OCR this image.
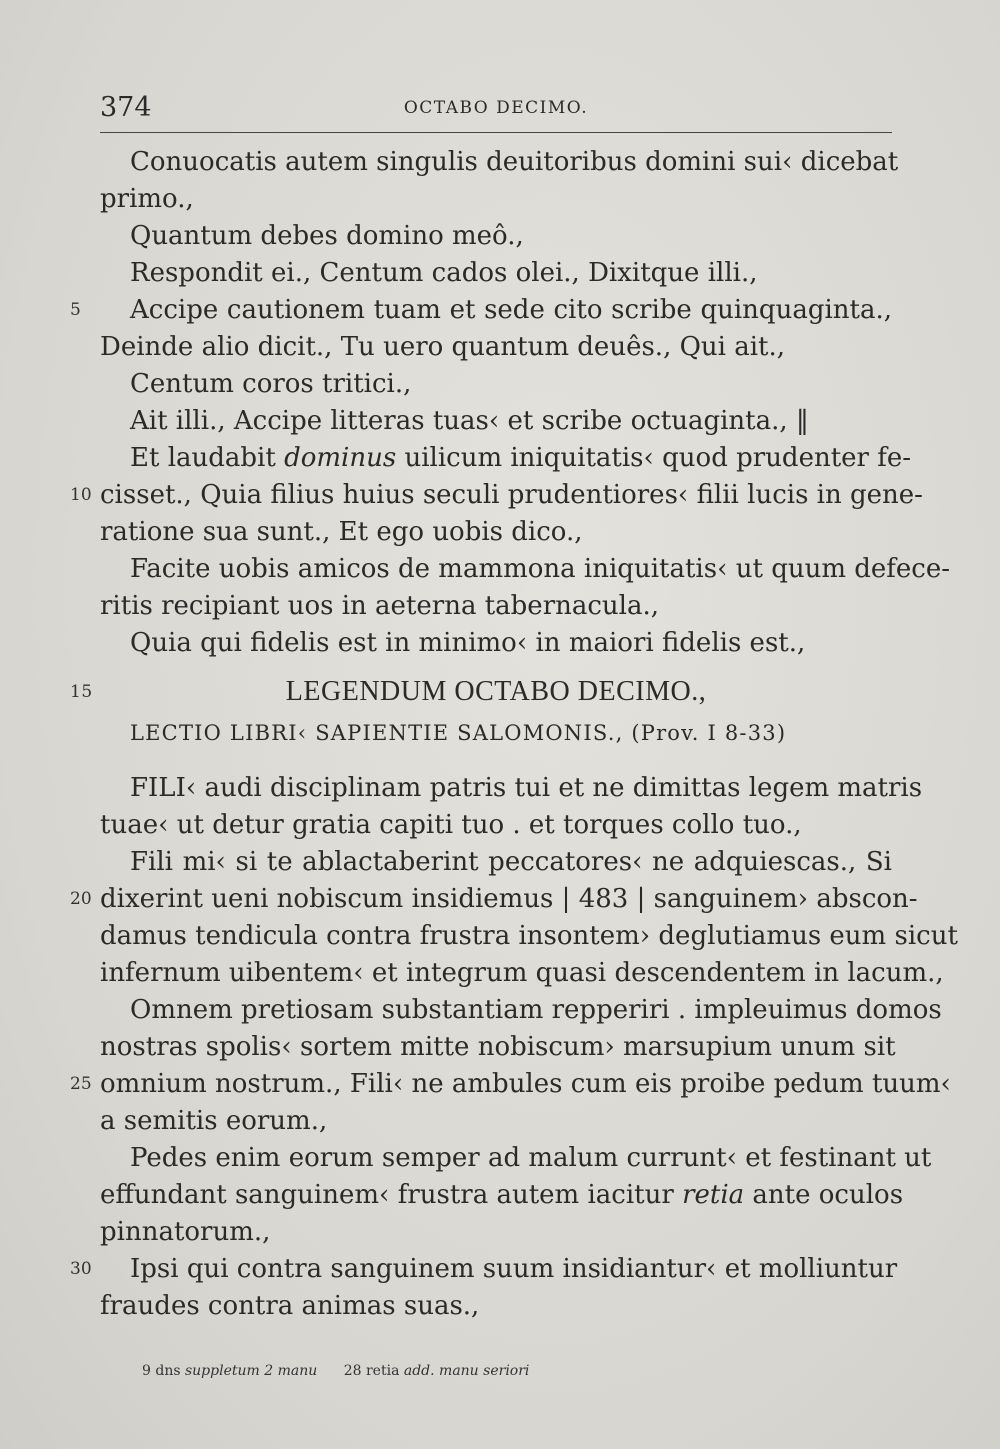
374	OCTABO DECIMO.
Conuocatis autem singulis deuitoribus domini sui‹ dicebat
primo.,
Quantum debes domino meô.,
Respondit ei., Centum cados olei., Dixitque illi.,
5	Accipe cautionem tuam et sede cito scribe quinquaginta.,
Deinde alio dicit., Tu uero quantum deuês., Qui ait.,
Centum coros tritici.,
Ait illi., Accipe litteras tuas‹ et scribe octuaginta., ‖
Et laudabit dominus uilicum iniquitatis‹ quod prudenter fe-
10 cisset., Quia filius huius seculi prudentiores‹ filii lucis in gene-
ratione sua sunt., Et ego uobis dico.,
Facite uobis amicos de mammona iniquitatis‹ ut quum defece-
ritis recipiant uos in aeterna tabernacula.,
Quia qui fidelis est in minimo‹ in maiori fidelis est.,
15	LEGENDUM OCTABO DECIMO.,
LECTIO LIBRI‹ SAPIENTIE SALOMONIS., (Prov. I 8-33)
FILI‹ audi disciplinam patris tui et ne dimittas legem matris
tuae‹ ut detur gratia capiti tuo . et torques collo tuo.,
Fili mi‹ si te ablactaberint peccatores‹ ne adquiescas., Si
20 dixerint ueni nobiscum insidiemus | 483 | sanguinem› abscon-
damus tendicula contra frustra insontem› deglutiamus eum sicut
infernum uibentem‹ et integrum quasi descendentem in lacum.,
Omnem pretiosam substantiam repperiri . impleuimus domos
nostras spolis‹ sortem mitte nobiscum› marsupium unum sit
25 omnium nostrum., Fili‹ ne ambules cum eis proibe pedum tuum‹
a semitis eorum.,
Pedes enim eorum semper ad malum currunt‹ et festinant ut
effundant sanguinem‹ frustra autem iacitur retia ante oculos
pinnatorum.,
30	Ipsi qui contra sanguinem suum insidiantur‹ et molliuntur
fraudes contra animas suas.,
9 dns suppletum 2 manu 28 retia add. manu seriori
